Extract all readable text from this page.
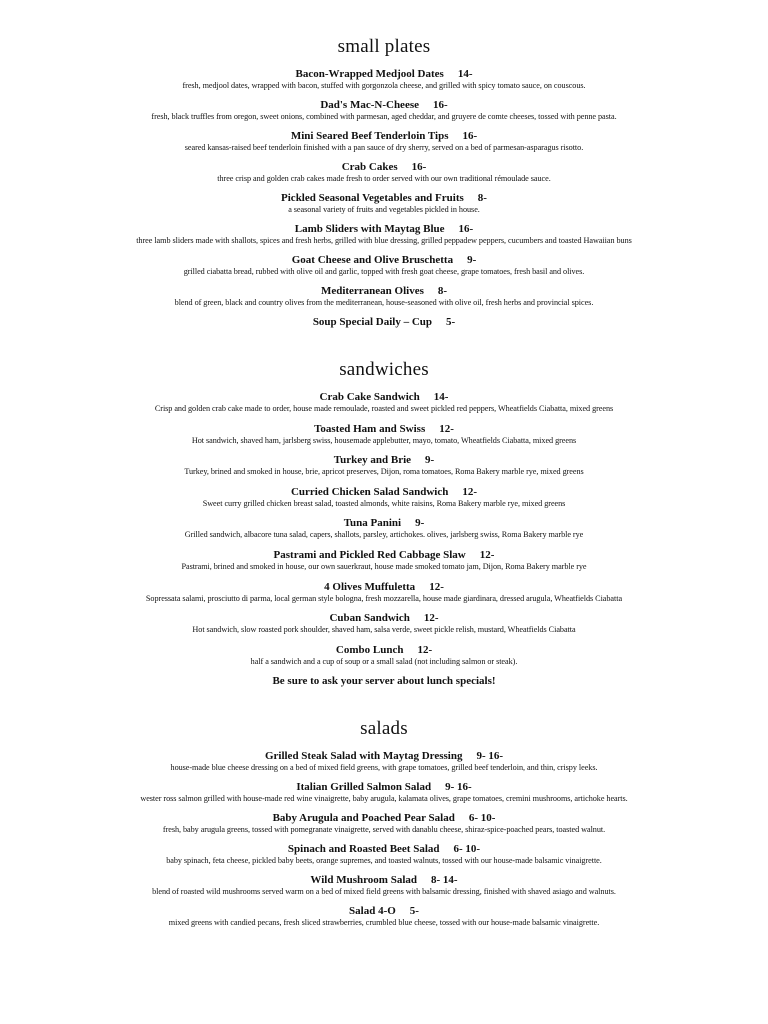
small plates
Bacon-Wrapped Medjool Dates 14-
fresh, medjool dates, wrapped with bacon, stuffed with gorgonzola cheese, and grilled with spicy tomato sauce, on couscous.
Dad's Mac-N-Cheese 16-
fresh, black truffles from oregon, sweet onions, combined with parmesan, aged cheddar, and gruyere de comte cheeses, tossed with penne pasta.
Mini Seared Beef Tenderloin Tips 16-
seared kansas-raised beef tenderloin finished with a pan sauce of dry sherry, served on a bed of parmesan-asparagus risotto.
Crab Cakes 16-
three crisp and golden crab cakes made fresh to order served with our own traditional rémoulade sauce.
Pickled Seasonal Vegetables and Fruits 8-
a seasonal variety of fruits and vegetables pickled in house.
Lamb Sliders with Maytag Blue 16-
three lamb sliders made with shallots, spices and fresh herbs, grilled with blue dressing, grilled peppadew peppers, cucumbers and toasted Hawaiian buns
Goat Cheese and Olive Bruschetta 9-
grilled ciabatta bread, rubbed with olive oil and garlic, topped with fresh goat cheese, grape tomatoes, fresh basil and olives.
Mediterranean Olives 8-
blend of green, black and country olives from the mediterranean, house-seasoned with olive oil, fresh herbs and provincial spices.
Soup Special Daily – Cup 5-
sandwiches
Crab Cake Sandwich 14-
Crisp and golden crab cake made to order, house made remoulade, roasted and sweet pickled red peppers, Wheatfields Ciabatta, mixed greens
Toasted Ham and Swiss 12-
Hot sandwich, shaved ham, jarlsberg swiss, housemade applebutter, mayo, tomato, Wheatfields Ciabatta, mixed greens
Turkey and Brie 9-
Turkey, brined and smoked in house, brie, apricot preserves, Dijon, roma tomatoes, Roma Bakery marble rye, mixed greens
Curried Chicken Salad Sandwich 12-
Sweet curry grilled chicken breast salad, toasted almonds, white raisins, Roma Bakery marble rye, mixed greens
Tuna Panini 9-
Grilled sandwich, albacore tuna salad, capers, shallots, parsley, artichokes. olives, jarlsberg swiss, Roma Bakery marble rye
Pastrami and Pickled Red Cabbage Slaw 12-
Pastrami, brined and smoked in house, our own sauerkraut, house made smoked tomato jam, Dijon, Roma Bakery marble rye
4 Olives Muffuletta 12-
Sopressata salami, prosciutto di parma, local german style bologna, fresh mozzarella, house made giardinara, dressed arugula, Wheatfields Ciabatta
Cuban Sandwich 12-
Hot sandwich, slow roasted pork shoulder, shaved ham, salsa verde, sweet pickle relish, mustard, Wheatfields Ciabatta
Combo Lunch 12-
half a sandwich and a cup of soup or a small salad (not including salmon or steak).
Be sure to ask your server about lunch specials!
salads
Grilled Steak Salad with Maytag Dressing 9- 16-
house-made blue cheese dressing on a bed of mixed field greens, with grape tomatoes, grilled beef tenderloin, and thin, crispy leeks.
Italian Grilled Salmon Salad 9- 16-
wester ross salmon grilled with house-made red wine vinaigrette, baby arugula, kalamata olives, grape tomatoes, cremini mushrooms, artichoke hearts.
Baby Arugula and Poached Pear Salad 6- 10-
fresh, baby arugula greens, tossed with pomegranate vinaigrette, served with danablu cheese, shiraz-spice-poached pears, toasted walnut.
Spinach and Roasted Beet Salad 6- 10-
baby spinach, feta cheese, pickled baby beets, orange supremes, and toasted walnuts, tossed with our house-made balsamic vinaigrette.
Wild Mushroom Salad 8- 14-
blend of roasted wild mushrooms served warm on a bed of mixed field greens with balsamic dressing, finished with shaved asiago and walnuts.
Salad 4-O 5-
mixed greens with candied pecans, fresh sliced strawberries, crumbled blue cheese, tossed with our house-made balsamic vinaigrette.
